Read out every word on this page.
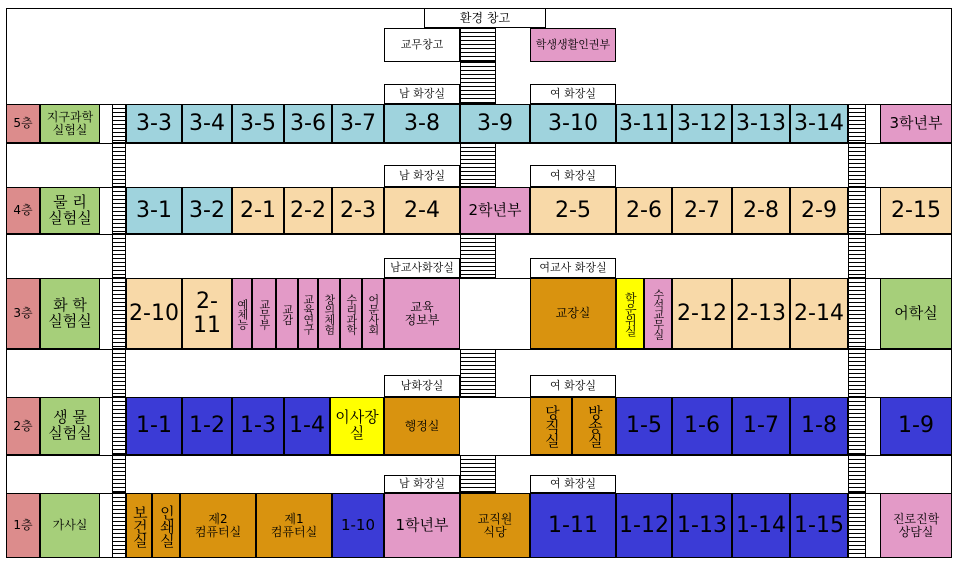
환경 창고
교무창고	학생생활인권부
남 화장실	여 화장실
5층	지구과학
실험실	3-3 3-4 3-5 3-6 3-7	3-8	3-9	3-10 3-11 3-12 3-13 3-14	3학년부
남 화장실	여 화장실
4층	물 리
실험실	3-1 3-2 2-1 2-2 2-3	2-4	2학년부	2-5	2-6	2-7	2-8	2-9	2-15
남교사화장실	여교사 화장실
3층	화 학
실험실	2-10 2-11	예체능 교무부 교감 교육연구 창의체험 수리과학 어문사회	교육
정보부	교장실	학운위실	수석교무실 2-12 2-13 2-14	어학실
남화장실	여 화장실
2층	생 물
실험실	1-1 1-2 1-3 1-4 이사장실	행정실	당직실	방송실	1-5	1-6	1-7	1-8	1-9
남 화장실	여 화장실
1층	가사실	보건실 인쇄실	제2
컴퓨터실
제1
컴퓨터실	1-10	1학년부	교직원
식당	1-11 1-12 1-13 1-14 1-15	진로진학
상담실
